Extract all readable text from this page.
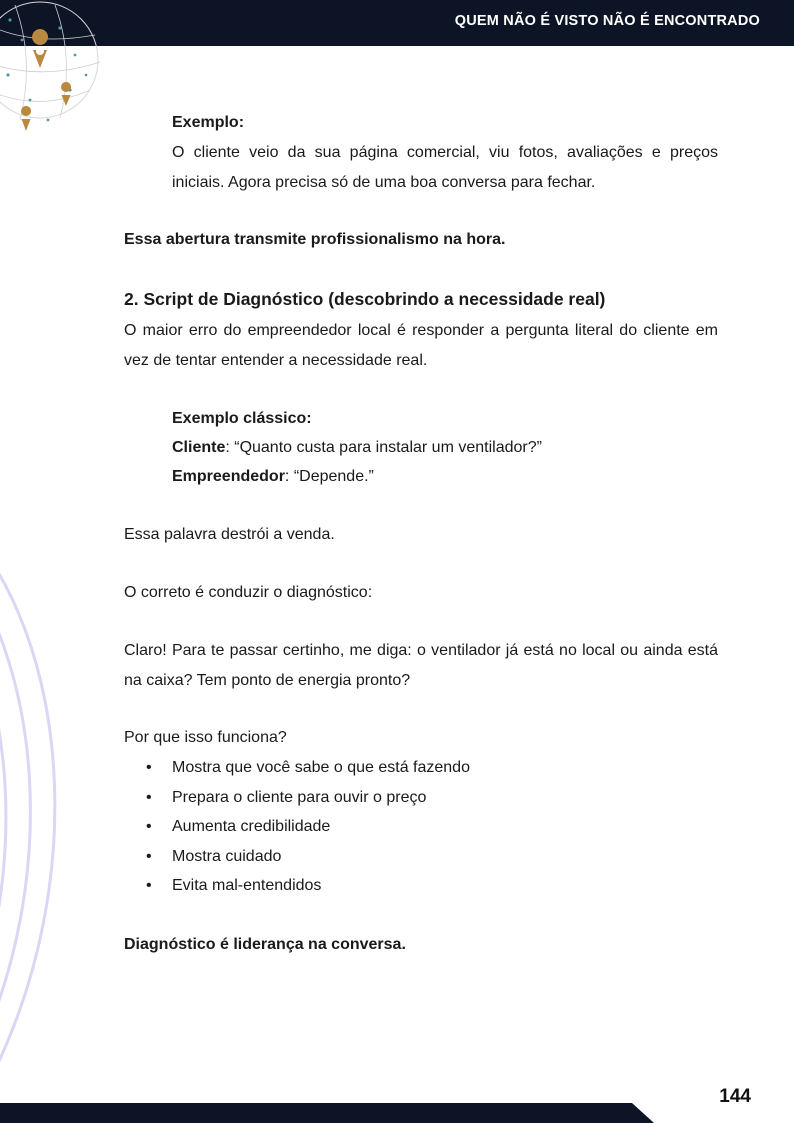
QUEM NÃO É VISTO NÃO É ENCONTRADO

Exemplo:

O cliente veio da sua página comercial, viu fotos, avaliações e preços iniciais. Agora precisa só de uma boa conversa para fechar.

Essa abertura transmite profissionalismo na hora.

2. Script de Diagnóstico (descobrindo a necessidade real)

O maior erro do empreendedor local é responder a pergunta literal do cliente em vez de tentar entender a necessidade real.

Exemplo clássico:

Cliente: “Quanto custa para instalar um ventilador?”

Empreendedor: “Depende.”

Essa palavra destrói a venda.

O correto é conduzir o diagnóstico:

Claro! Para te passar certinho, me diga: o ventilador já está no local ou ainda está na caixa? Tem ponto de energia pronto?

Por que isso funciona?

• Mostra que você sabe o que está fazendo
• Prepara o cliente para ouvir o preço
• Aumenta credibilidade
• Mostra cuidado
• Evita mal-entendidos

Diagnóstico é liderança na conversa.

144
